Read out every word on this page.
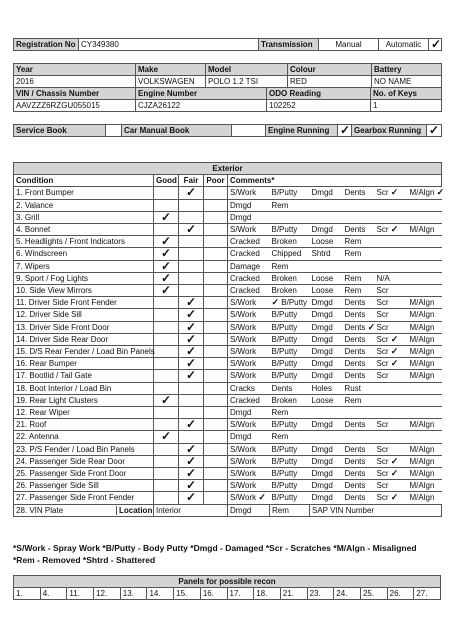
Registration No	CY349380	Transmission	Manual	Automatic	✓
Year	Make	Model	Colour	Battery
2016	VOLKSWAGEN	POLO 1.2 TSI	RED	NO NAME
VIN / Chassis Number	Engine Number	ODO Reading	No. of Keys
AAVZZZ6RZGU055015	CJZA26122	102252	1
Service Book		Car Manual Book		Engine Running	✓	Gearbox Running	✓
Exterior									
Condition	Good	Fair	Poor	Comments*					
1. Front Bumper		✓		S/Work	B/Putty	Dmgd	Dents	Scr ✓	M/Algn ✓
2. Valance				Dmgd	Rem				
3. Grill	✓			Dmgd					
4. Bonnet		✓		S/Work	B/Putty	Dmgd	Dents	Scr ✓	M/Algn
5. Headlights / Front Indicators	✓			Cracked	Broken	Loose	Rem		
6. Windscreen	✓			Cracked	Chipped	Shtrd	Rem		
7. Wipers	✓			Damage	Rem				
9. Sport / Fog Lights	✓			Cracked	Broken	Loose	Rem	N/A	
10. Side View Mirrors	✓			Cracked	Broken	Loose	Rem	Scr	
11. Driver Side Front Fender		✓		S/Work	✓ B/Putty	Dmgd	Dents	Scr	M/Algn
12. Driver Side Sill		✓		S/Work	B/Putty	Dmgd	Dents	Scr	M/Algn
13. Driver Side Front Door		✓		S/Work	B/Putty	Dmgd	Dents ✓	Scr	M/Algn
14. Driver Side Rear Door		✓		S/Work	B/Putty	Dmgd	Dents	Scr ✓	M/Algn
15. D/S Rear Fender / Load Bin Panels		✓		S/Work	B/Putty	Dmgd	Dents	Scr ✓	M/Algn
16. Rear Bumper		✓		S/Work	B/Putty	Dmgd	Dents	Scr ✓	M/Algn
17. Bootlid / Tail Gate		✓		S/Work	B/Putty	Dmgd	Dents	Scr	M/Algn
18. Boot Interior / Load Bin				Cracks	Dents	Holes	Rust		
19. Rear Light Clusters	✓			Cracked	Broken	Loose	Rem		
12. Rear Wiper				Dmgd	Rem				
21. Roof		✓		S/Work	B/Putty	Dmgd	Dents	Scr	M/Algn
22. Antenna	✓			Dmgd	Rem				
23. P/S Fender / Load Bin Panels		✓		S/Work	B/Putty	Dmgd	Dents	Scr	M/Algn
24. Passenger Side Rear Door		✓		S/Work	B/Putty	Dmgd	Dents	Scr ✓	M/Algn
25. Passenger Side Front Door		✓		S/Work	B/Putty	Dmgd	Dents	Scr ✓	M/Algn
26. Passenger Side Sill		✓		S/Work	B/Putty	Dmgd	Dents	Scr	M/Algn
27. Passenger Side Front Fender		✓		S/Work ✓	B/Putty	Dmgd	Dents	Scr ✓	M/Algn
28. VIN Plate Location	Interior			Dmgd	Rem	SAP VIN Number			
*S/Work - Spray Work *B/Putty - Body Putty *Dmgd - Damaged *Scr - Scratches *M/Algn - Misaligned
*Rem - Removed *Shtrd - Shattered
Panels for possible recon
1.	4.	11.	12.	13.	14.	15.	16.	17.	18.	21.	23.	24.	25.	26.	27.
